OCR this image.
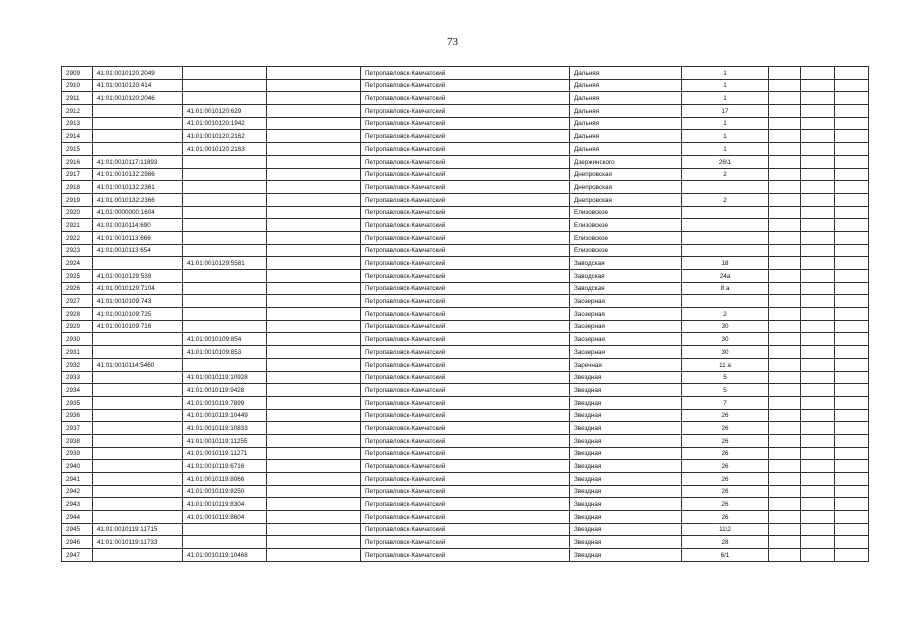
73
2909	41:01:0010120:2049			Петропавловск-Камчатский	Дальняя	1			
2910	41:01:0010120:414			Петропавловск-Камчатский	Дальняя	1			
2911	41:01:0010120:2046			Петропавловск-Камчатский	Дальняя	1			
2912		41:01:0010120:629		Петропавловск-Камчатский	Дальняя	17			
2913		41:01:0010120:1942		Петропавловск-Камчатский	Дальняя	1			
2914		41:01:0010120:2162		Петропавловск-Камчатский	Дальняя	1			
2915		41:01:0010120:2163		Петропавловск-Камчатский	Дальняя	1			
2916	41:01:0010117:11893			Петропавловск-Камчатский	Дзержинского	26\1			
2917	41:01:0010132:2986			Петропавловск-Камчатский	Днепровская	2			
2918	41:01:0010132:2361			Петропавловск-Камчатский	Днепровская				
2919	41:01:0010132:2366			Петропавловск-Камчатский	Днепровская	2			
2920	41:01:0000000:1604			Петропавловск-Камчатский	Елизовское				
2921	41:01:0010114:690			Петропавловск-Камчатский	Елизовское				
2922	41:01:0010113:666			Петропавловск-Камчатский	Елизовское				
2923	41:01:0010113:654			Петропавловск-Камчатский	Елизовское				
2924		41:01:0010129:5581		Петропавловск-Камчатский	Заводская	18			
2925	41:01:0010129:539			Петропавловск-Камчатский	Заводская	24а			
2926	41:01:0010129:7104			Петропавловск-Камчатский	Заводская	8 а			
2927	41:01:0010109:743			Петропавловск-Камчатский	Заозерная				
2928	41:01:0010109:725			Петропавловск-Камчатский	Заозерная	2			
2929	41:01:0010109:716			Петропавловск-Камчатский	Заозерная	30			
2930		41:01:0010109:854		Петропавловск-Камчатский	Заозерная	30			
2931		41:01:0010109:853		Петропавловск-Камчатский	Заозерная	30			
2932	41:01:0010114:5460			Петропавловск-Камчатский	Заречная	11 а			
2933		41:01:0010119:10928		Петропавловск-Камчатский	Звездная	5			
2934		41:01:0010119:9428		Петропавловск-Камчатский	Звездная	5			
2935		41:01:0010119:7899		Петропавловск-Камчатский	Звездная	7			
2936		41:01:0010119:10449		Петропавловск-Камчатский	Звездная	26			
2937		41:01:0010119:10833		Петропавловск-Камчатский	Звездная	26			
2938		41:01:0010119:11255		Петропавловск-Камчатский	Звездная	26			
2939		41:01:0010119:11271		Петропавловск-Камчатский	Звездная	26			
2940		41:01:0010119:6716		Петропавловск-Камчатский	Звездная	26			
2941		41:01:0010119:8066		Петропавловск-Камчатский	Звездная	26			
2942		41:01:0010119:8250		Петропавловск-Камчатский	Звездная	26			
2943		41:01:0010119:8304		Петропавловск-Камчатский	Звездная	26			
2944		41:01:0010119:8604		Петропавловск-Камчатский	Звездная	26			
2945	41:01:0010119:11715			Петропавловск-Камчатский	Звездная	11\2			
2946	41:01:0010119:11733			Петропавловск-Камчатский	Звездная	28			
2947		41:01:0010119:10468		Петропавловск-Камчатский	Звездная	6/1			
